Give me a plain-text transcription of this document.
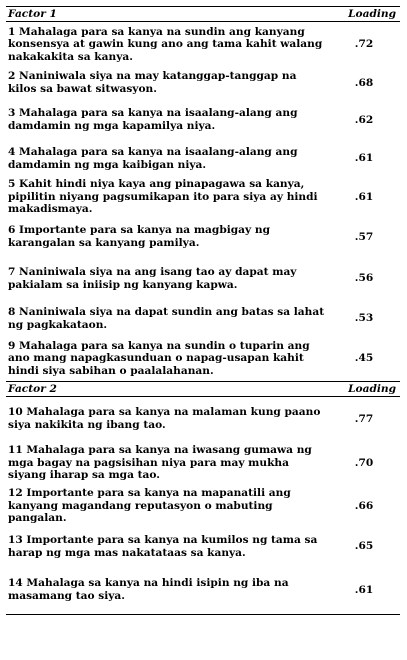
Factor 1	Loading
1 Mahalaga para sa kanya na sundin ang kanyang konsensya at gawin kung ano ang tama kahit walang nakakakita sa kanya.
.72
2 Naniniwala siya na may katanggap-tanggap na kilos sa bawat sitwasyon.
.68
3 Mahalaga para sa kanya na isaalang-alang ang damdamin ng mga kapamilya niya.
.62
4 Mahalaga para sa kanya na isaalang-alang ang damdamin ng mga kaibigan niya.
.61
5 Kahit hindi niya kaya ang pinapagawa sa kanya, pipilitin niyang pagsumikapan ito para siya ay hindi makadismaya.
.61
6 Importante para sa kanya na magbigay ng karangalan sa kanyang pamilya.
.57
7 Naniniwala siya na ang isang tao ay dapat may pakialam sa iniisip ng kanyang kapwa.
.56
8 Naniniwala siya na dapat sundin ang batas sa lahat ng pagkakataon.
.53
9 Mahalaga para sa kanya na sundin o tuparin ang ano mang napagkasunduan o napag-usapan kahit hindi siya sabihan o paalalahanan.
.45
Factor 2	Loading
10 Mahalaga para sa kanya na malaman kung paano siya nakikita ng ibang tao.
.77
11 Mahalaga para sa kanya na iwasang gumawa ng mga bagay na pagsisihan niya para may mukha siyang iharap sa mga tao.
.70
12 Importante para sa kanya na mapanatili ang kanyang magandang reputasyon o mabuting pangalan.
.66
13 Importante para sa kanya na kumilos ng tama sa harap ng mga mas nakatataas sa kanya.
.65
14 Mahalaga sa kanya na hindi isipin ng iba na masamang tao siya.
.61
